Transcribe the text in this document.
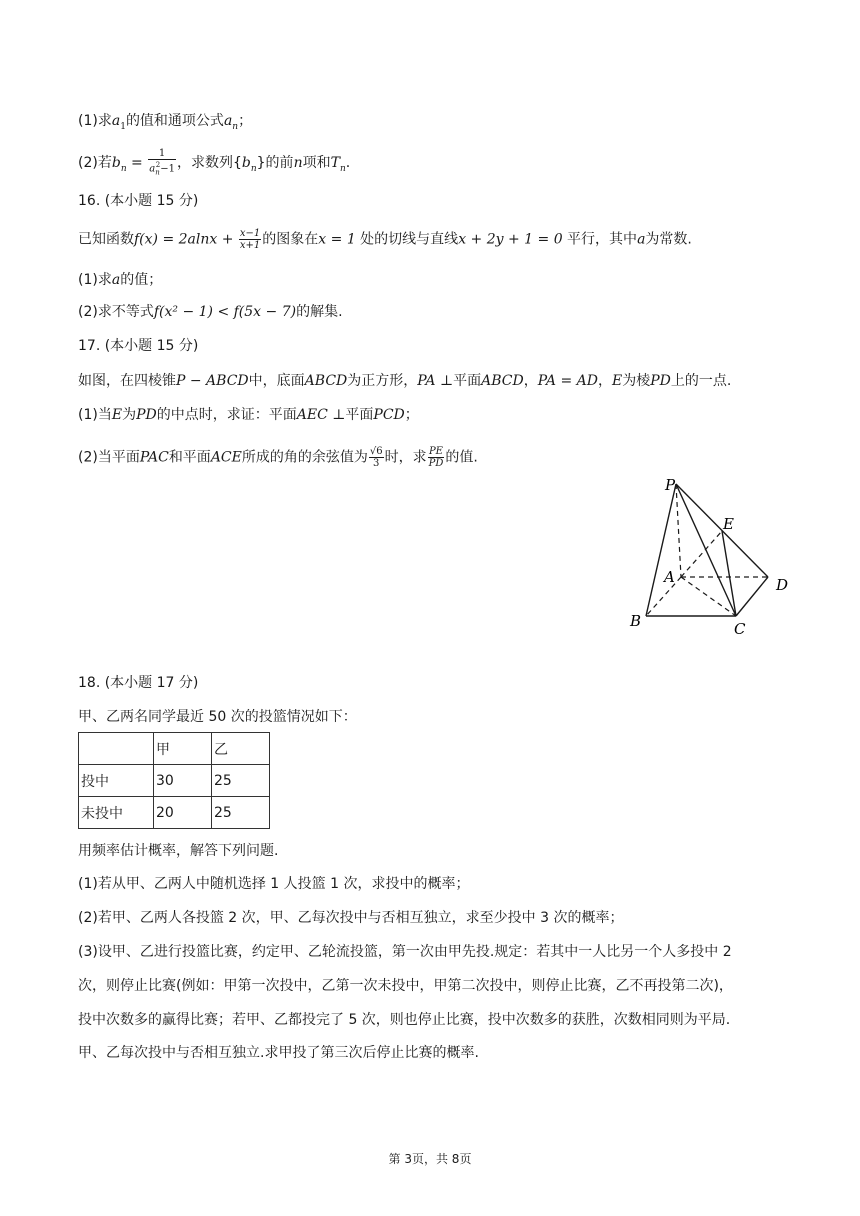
(1)求$a_1$的值和通项公式$a_n$；
(2)若$b_n = \frac{1}{a_n^2-1}$ ，求数列$\{b_n\}$的前n项和$T_n$.
16. (本小题 15 分)
已知函数$f(x) = 2alnx + \frac{x-1}{x+1}$ 的图象在x = 1 处的切线与直线x + 2y + 1 = 0 平行，其中a为常数.
(1)求a的值；
(2)求不等式f(x² − 1) < f(5x − 7)的解集.
17. (本小题 15 分)
如图，在四棱锥P − ABCD中，底面ABCD为正方形，PA ⊥平面ABCD，PA = AD，E为棱PD上的一点.
(1)当E为PD的中点时，求证：平面AEC ⊥平面PCD；
(2)当平面PAC和平面ACE所成的角的余弦值为 $\frac{√6}{3}$ 时，求 $\frac{PE}{PD}$ 的值.
P
E
A	D
B	C
18. (本小题 17 分)
甲、乙两名同学最近 50 次的投篮情况如下：
	甲	乙
投中	30	25
未投中	20	25
用频率估计概率，解答下列问题.
(1)若从甲、乙两人中随机选择 1 人投篮 1 次，求投中的概率；
(2)若甲、乙两人各投篮 2 次，甲、乙每次投中与否相互独立，求至少投中 3 次的概率；
(3)设甲、乙进行投篮比赛，约定甲、乙轮流投篮，第一次由甲先投.规定：若其中一人比另一个人多投中 2
次，则停止比赛(例如：甲第一次投中，乙第一次未投中，甲第二次投中，则停止比赛，乙不再投第二次)，
投中次数多的赢得比赛；若甲、乙都投完了 5 次，则也停止比赛，投中次数多的获胜，次数相同则为平局.
甲、乙每次投中与否相互独立.求甲投了第三次后停止比赛的概率.
第 3页，共 8页
